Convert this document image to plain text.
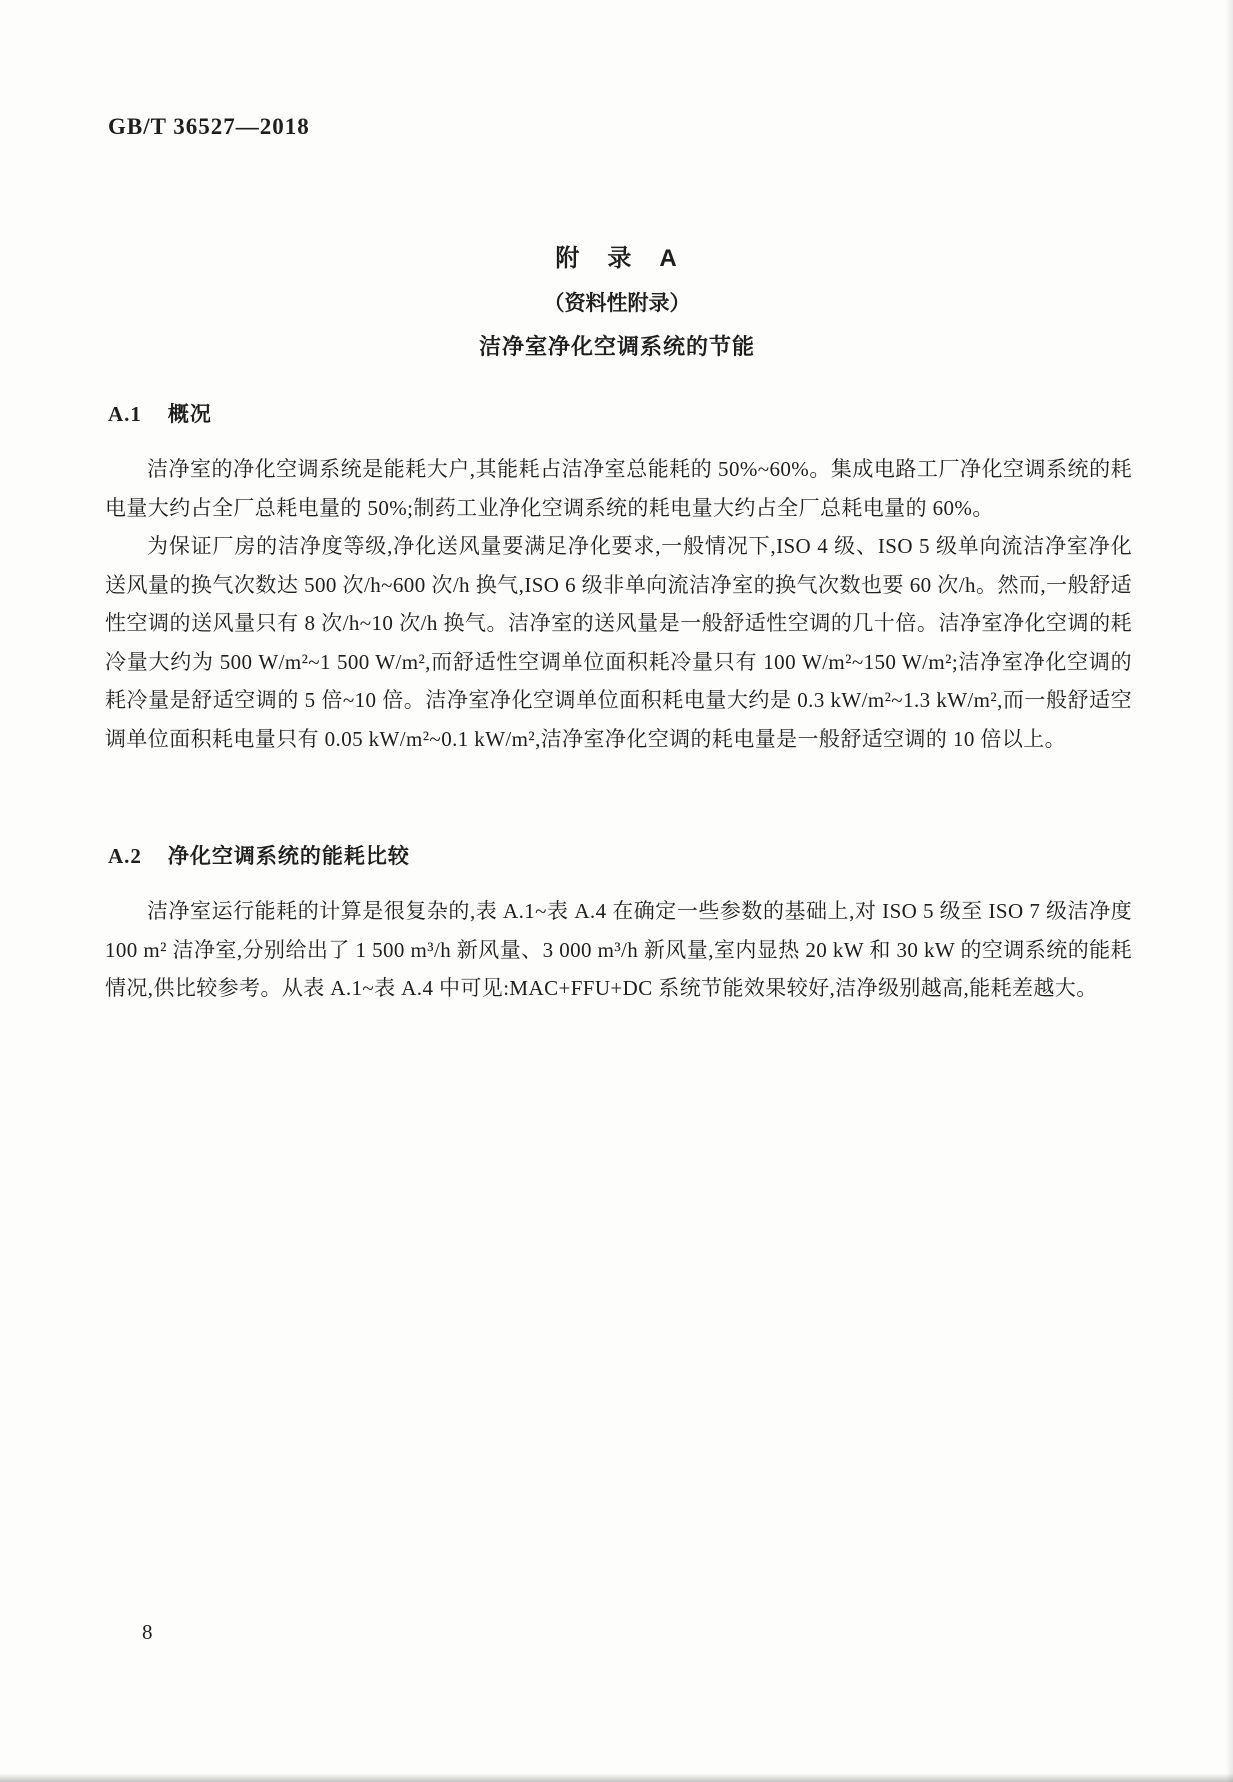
GB/T 36527—2018
附　录　A
（资料性附录）
洁净室净化空调系统的节能
A.1 概况

洁净室的净化空调系统是能耗大户,其能耗占洁净室总能耗的 50%~60%。集成电路工厂净化空调系统的耗电量大约占全厂总耗电量的 50%;制药工业净化空调系统的耗电量大约占全厂总耗电量的 60%。

为保证厂房的洁净度等级,净化送风量要满足净化要求,一般情况下,ISO 4 级、ISO 5 级单向流洁净室净化送风量的换气次数达 500 次/h~600 次/h 换气,ISO 6 级非单向流洁净室的换气次数也要 60 次/h。然而,一般舒适性空调的送风量只有 8 次/h~10 次/h 换气。洁净室的送风量是一般舒适性空调的几十倍。洁净室净化空调的耗冷量大约为 500 W/m²~1 500 W/m²,而舒适性空调单位面积耗冷量只有 100 W/m²~150 W/m²;洁净室净化空调的耗冷量是舒适空调的 5 倍~10 倍。洁净室净化空调单位面积耗电量大约是 0.3 kW/m²~1.3 kW/m²,而一般舒适空调单位面积耗电量只有 0.05 kW/m²~0.1 kW/m²,洁净室净化空调的耗电量是一般舒适空调的 10 倍以上。

A.2 净化空调系统的能耗比较

洁净室运行能耗的计算是很复杂的,表 A.1~表 A.4 在确定一些参数的基础上,对 ISO 5 级至 ISO 7 级洁净度 100 m² 洁净室,分别给出了 1 500 m³/h 新风量、3 000 m³/h 新风量,室内显热 20 kW 和 30 kW 的空调系统的能耗情况,供比较参考。从表 A.1~表 A.4 中可见:MAC+FFU+DC 系统节能效果较好,洁净级别越高,能耗差越大。

8
